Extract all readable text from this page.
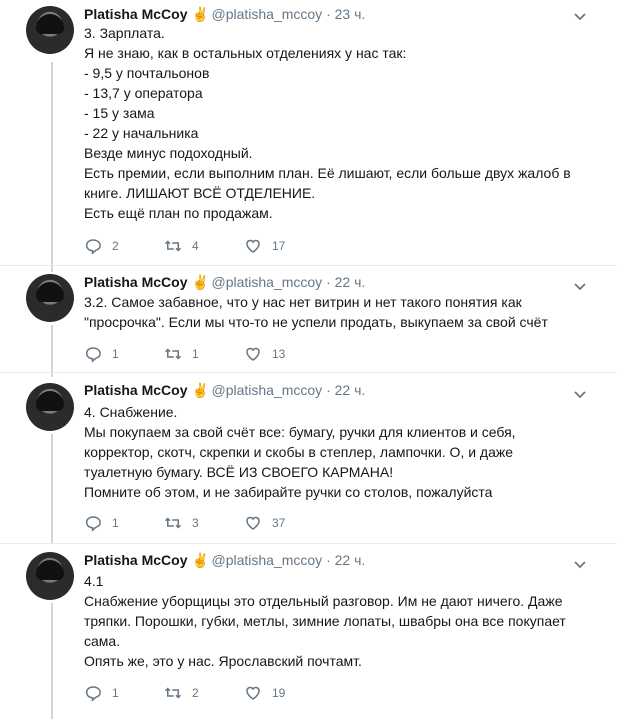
Platisha McCoy ✌ @platisha_mccoy · 23 ч.
3. Зарплата.
Я не знаю, как в остальных отделениях у нас так:
- 9,5 у почтальонов
- 13,7 у оператора
- 15 у зама
- 22 у начальника
Везде минус подоходный.
Есть премии, если выполним план. Её лишают, если больше двух жалоб в
книге. ЛИШАЮТ ВСЁ ОТДЕЛЕНИЕ.
Есть ещё план по продажам.
2	4	17
Platisha McCoy ✌ @platisha_mccoy · 22 ч.
3.2. Самое забавное, что у нас нет витрин и нет такого понятия как
"просрочка". Если мы что-то не успели продать, выкупаем за свой счёт
1	1	13
Platisha McCoy ✌ @platisha_mccoy · 22 ч.
4. Снабжение.
Мы покупаем за свой счёт все: бумагу, ручки для клиентов и себя,
корректор, скотч, скрепки и скобы в степлер, лампочки. О, и даже
туалетную бумагу. ВСЁ ИЗ СВОЕГО КАРМАНА!
Помните об этом, и не забирайте ручки со столов, пожалуйста
1	3	37
Platisha McCoy ✌ @platisha_mccoy · 22 ч.
4.1
Снабжение уборщицы это отдельный разговор. Им не дают ничего. Даже
тряпки. Порошки, губки, метлы, зимние лопаты, швабры она все покупает
сама.
Опять же, это у нас. Ярославский почтамт.
1	2	19
